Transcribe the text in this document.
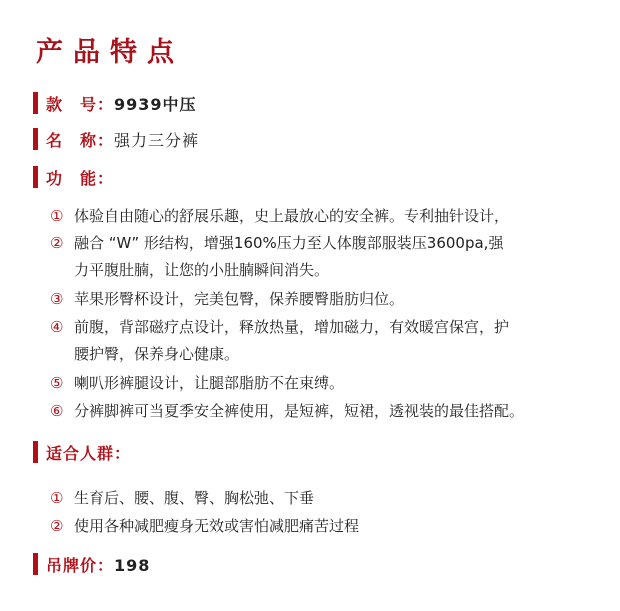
产品特点
款　号：9939中压
名　称：强力三分裤
功　能：
① 体验自由随心的舒展乐趣，史上最放心的安全裤。专利抽针设计，
② 融合 “W” 形结构，增强160%压力至人体腹部服装压3600pa,强
力平腹肚腩，让您的小肚腩瞬间消失。
③ 苹果形臀杯设计，完美包臀，保养腰臀脂肪归位。
④ 前腹，背部磁疗点设计，释放热量，增加磁力，有效暖宫保宫，护
腰护臀，保养身心健康。
⑤ 喇叭形裤腿设计，让腿部脂肪不在束缚。
⑥ 分裤脚裤可当夏季安全裤使用，是短裤，短裙，透视装的最佳搭配。
适合人群：
① 生育后、腰、腹、臀、胸松弛、下垂
② 使用各种减肥瘦身无效或害怕减肥痛苦过程
吊牌价：198
